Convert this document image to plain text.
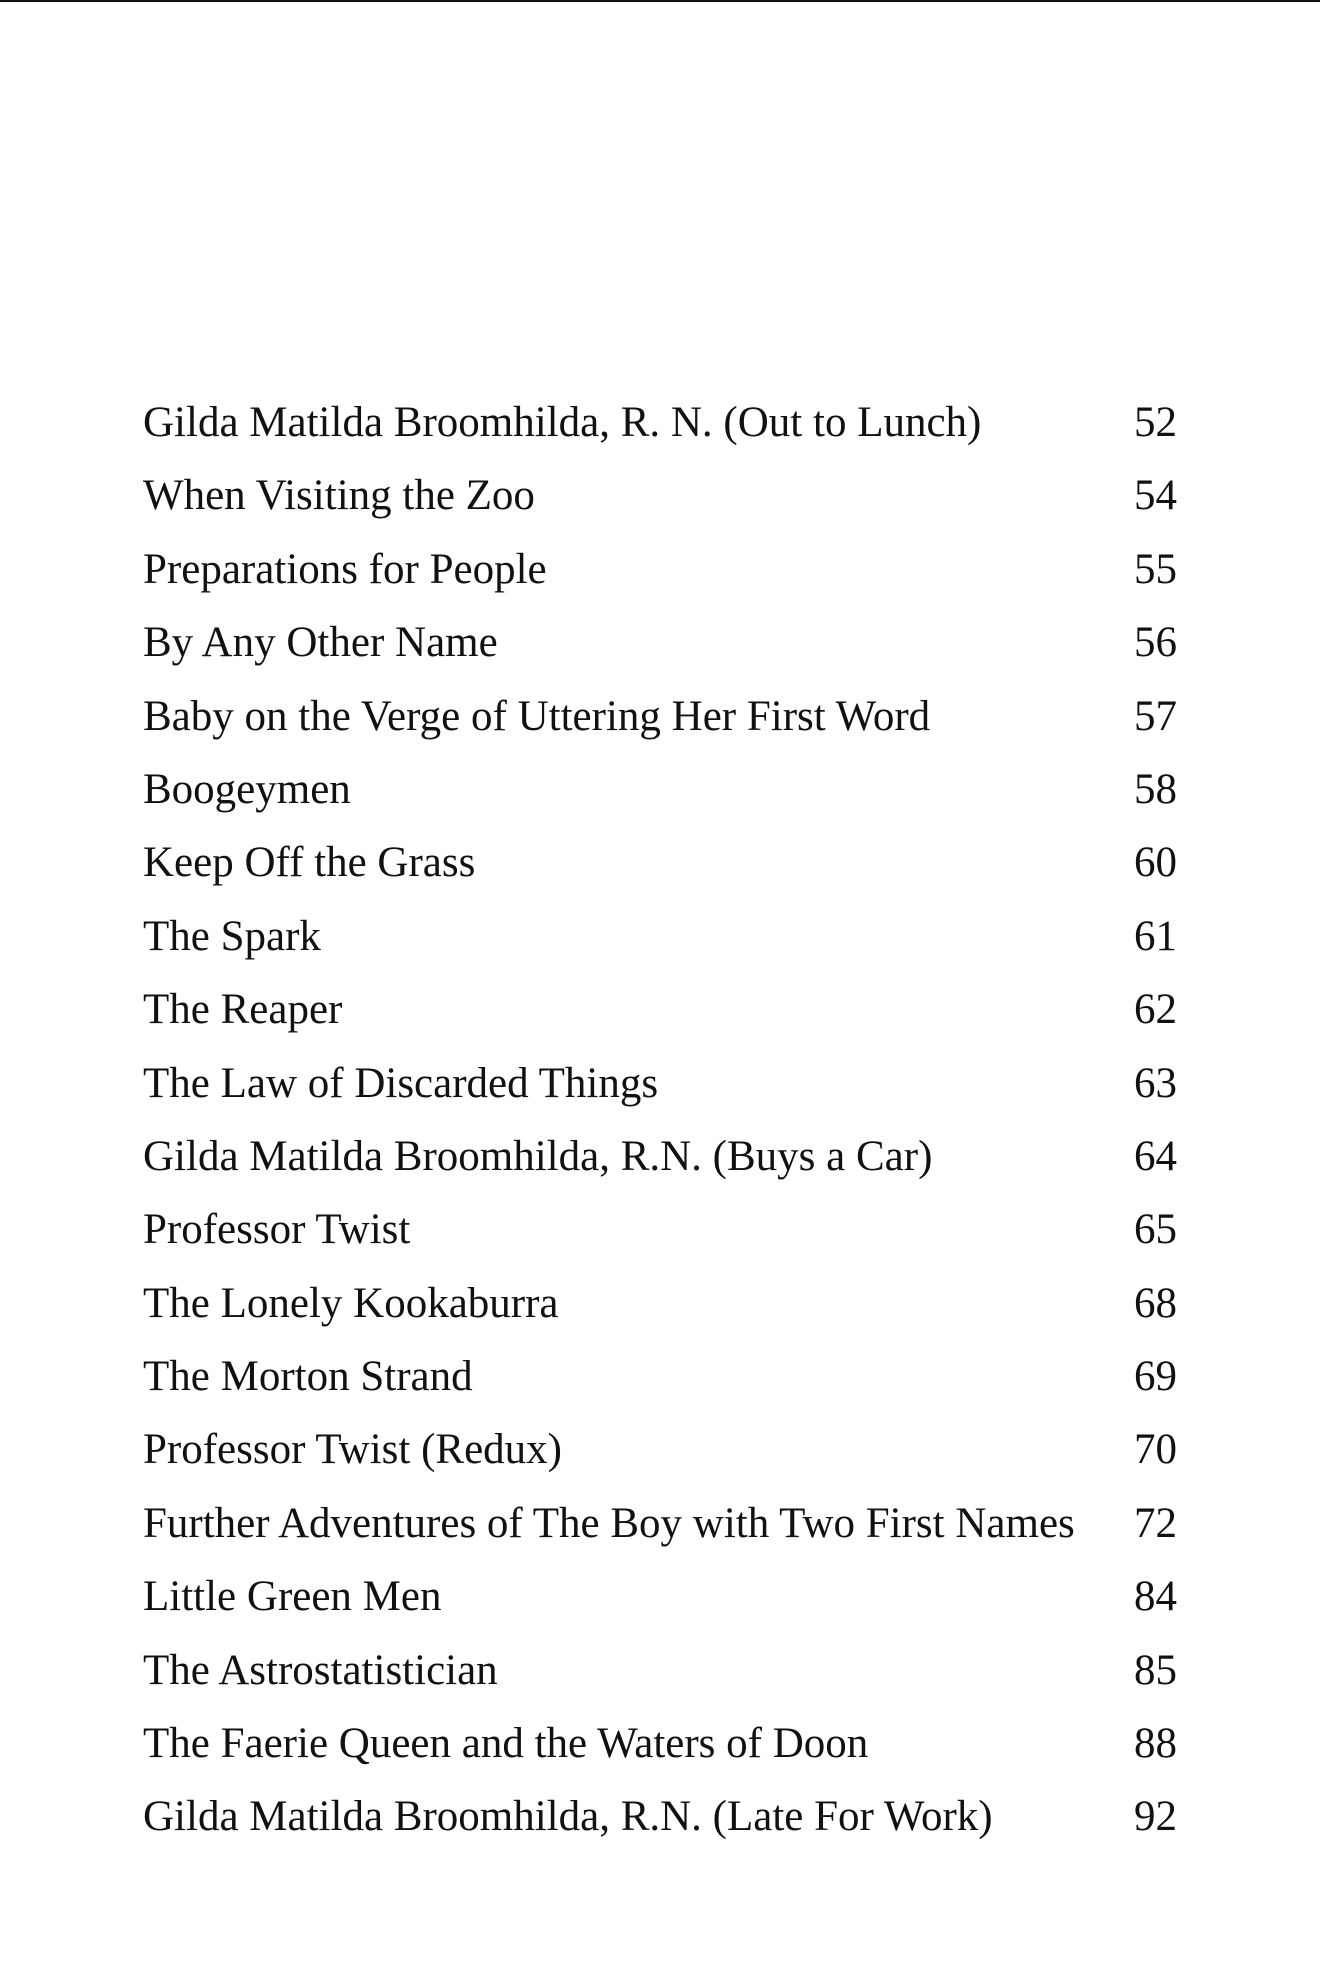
Gilda Matilda Broomhilda, R. N. (Out to Lunch)	52
When Visiting the Zoo	54
Preparations for People	55
By Any Other Name	56
Baby on the Verge of Uttering Her First Word	57
Boogeymen	58
Keep Off the Grass	60
The Spark	61
The Reaper	62
The Law of Discarded Things	63
Gilda Matilda Broomhilda, R.N. (Buys a Car)	64
Professor Twist	65
The Lonely Kookaburra	68
The Morton Strand	69
Professor Twist (Redux)	70
Further Adventures of The Boy with Two First Names	72
Little Green Men	84
The Astrostatistician	85
The Faerie Queen and the Waters of Doon	88
Gilda Matilda Broomhilda, R.N. (Late For Work)	92
